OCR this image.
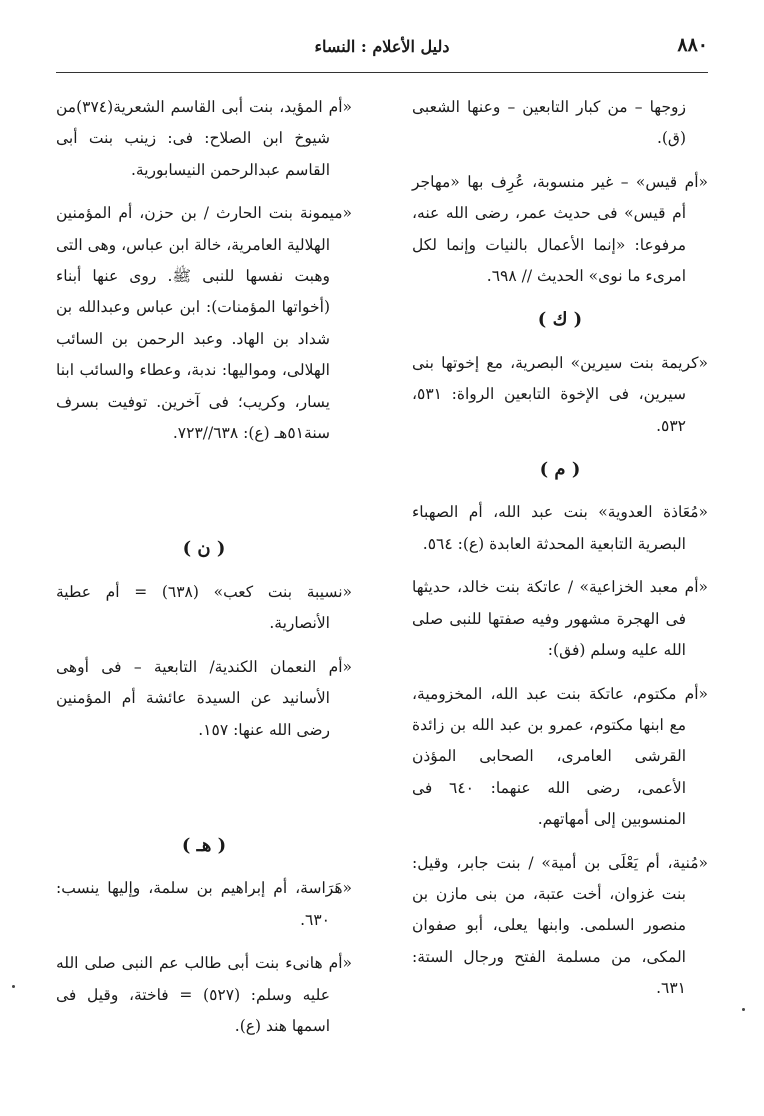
٨٨٠
دليل الأعلام : النساء

زوجها – من كبار التابعين – وعنها الشعبى (ق).

«أم قيس» – غير منسوبة، عُرِف بها «مهاجر أم قيس» فى حديث عمر، رضى الله عنه، مرفوعا: «إنما الأعمال بالنيات وإنما لكل امرىء ما نوى» الحديث // ٦٩٨.

( ك )

«كريمة بنت سيرين» البصرية، مع إخوتها بنى سيرين، فى الإخوة التابعين الرواة: ٥٣١، ٥٣٢.

( م )

«مُعَاذة العدوية» بنت عبد الله، أم الصهباء البصرية التابعية المحدثة العابدة (ع): ٥٦٤.

«أم معبد الخزاعية» / عاتكة بنت خالد، حديثها فى الهجرة مشهور وفيه صفتها للنبى صلى الله عليه وسلم (فق):

«أم مكتوم، عاتكة بنت عبد الله، المخزومية، مع ابنها مكتوم، عمرو بن عبد الله بن زائدة القرشى العامرى، الصحابى المؤذن الأعمى، رضى الله عنهما: ٦٤٠ فى المنسوبين إلى أمهاتهم.

«مُنية، أم يَعْلَى بن أمية» / بنت جابر، وقيل: بنت غزوان، أخت عتبة، من بنى مازن بن منصور السلمى. وابنها يعلى، أبو صفوان المكى، من مسلمة الفتح ورجال الستة: ٦٣١.

«أم المؤيد، بنت أبى القاسم الشعرية(٣٧٤)من شيوخ ابن الصلاح: فى: زينب بنت أبى القاسم عبدالرحمن النيسابورية.

«ميمونة بنت الحارث / بن حزن، أم المؤمنين الهلالية العامرية، خالة ابن عباس، وهى التى وهبت نفسها للنبى ﷺ. روى عنها أبناء (أخواتها المؤمنات): ابن عباس وعبدالله بن شداد بن الهاد. وعبد الرحمن بن السائب الهلالى، ومواليها: ندبة، وعطاء والسائب ابنا يسار، وكريب؛ فى آخرين. توفيت بسرف سنة٥١هـ (ع): ٦٣٨//٧٢٣.

( ن )

«نسيبة بنت كعب» (٦٣٨) = أم عطية الأنصارية.

«أم النعمان الكندية/ التابعية – فى أوهى الأسانيد عن السيدة عائشة أم المؤمنين رضى الله عنها: ١٥٧.

( هـ )

«هَرَاسة، أم إبراهيم بن سلمة، وإليها ينسب: ٦٣٠.

«أم هانىء بنت أبى طالب عم النبى صلى الله عليه وسلم: (٥٢٧) = فاختة، وقيل فى اسمها هند (ع).
